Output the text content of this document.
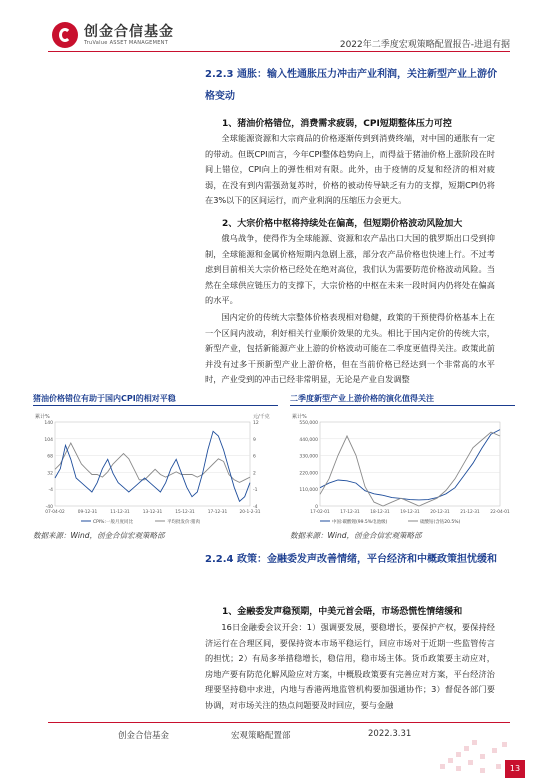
创金合信基金
TruValue ASSET MANAGEMENT	2022年二季度宏观策略配置报告-进退有据
2.2.3 通胀：输入性通胀压力冲击产业利润，关注新型产业上游价格变动
1、猪油价格错位，消费需求疲弱，CPI短期整体压力可控

全球能源资源和大宗商品的价格逐渐传到到消费终端，对中国的通胀有一定的带动。但既CPI而言，今年CPI整体趋势向上，而得益于猪油价格上涨阶段在时间上错位，CPI向上的弹性相对有限。此外，由于疫情的反复和经济的相对疲弱，在没有到内需强劲复苏时，价格的被动传导缺乏有力的支撑，短期CPI仍将在3%以下的区间运行，而产业利润的压缩压力会更大。

2、大宗价格中枢将持续处在偏高，但短期价格波动风险加大

俄乌战争，使得作为全球能源、资源和农产品出口大国的俄罗斯出口受到抑制，全球能源和金属价格短期内急剧上涨，部分农产品价格也快速上行。不过考虑到目前相关大宗价格已经处在绝对高位，我们认为需要防范价格波动风险。当然在全球供应链压力的支撑下，大宗价格的中枢在未来一段时间内仍将处在偏高的水平。

国内定价的传统大宗整体价格表现相对稳健，政策的干预使得价格基本上在一个区间内波动，利好相关行业顺价效果的尤头。相比于国内定价的传统大宗，新型产业，包括新能源产业上游的价格波动可能在二季度更值得关注。政策此前并没有过多干预新型产业上游价格，但在当前价格已经达到一个非常高的水平时，产业受到的冲击已经非常明显，无论是产业自发调整

猪油价格错位有助于国内CPI的相对平稳	二季度新型产业上游价格的演化值得关注
累计%	元/千克
140
104
68
32
-4
-40
12
9
6
2
-1
-4
07-04-02	09-12-31	11-12-31	13-12-31	15-12-31	17-12-31	20-1-2-31
CPI%:一般月度同比	平均批发价:猪肉
累计%
550,000
440,000
330,000
220,000
110,000
0
17-02-01 17-12-31 18-12-31 19-12-31 20-12-31 21-12-31 22-04-01
中国:碳酸锂(99.5%电池级)	硫酸钴(含钴20.5%)
数据来源：Wind，创金合信宏观策略部	数据来源：Wind，创金合信宏观策略部
2.2.4 政策：金融委发声改善情绪，平台经济和中概政策担忧缓和
1、金融委发声稳预期，中美元首会晤，市场恐慌性情绪缓和

16日金融委会议开会：1）强调要发展，要稳增长，要保护产权，要保持经济运行在合理区间，要保持资本市场平稳运行，回应市场对于近期一些监管传言的担忧；2）有局多举措稳增长，稳信用，稳市场主体。货币政策要主动应对，房地产要有防范化解风险应对方案，中概股政策要有完善应对方案，平台经济治理要坚持稳中求进，内地与香港两地监管机构要加强通协作；3）督促各部门要协调，对市场关注的热点问题要及时回应，要与金融

创金合信基金	宏观策略配置部	2022.3.31
13
